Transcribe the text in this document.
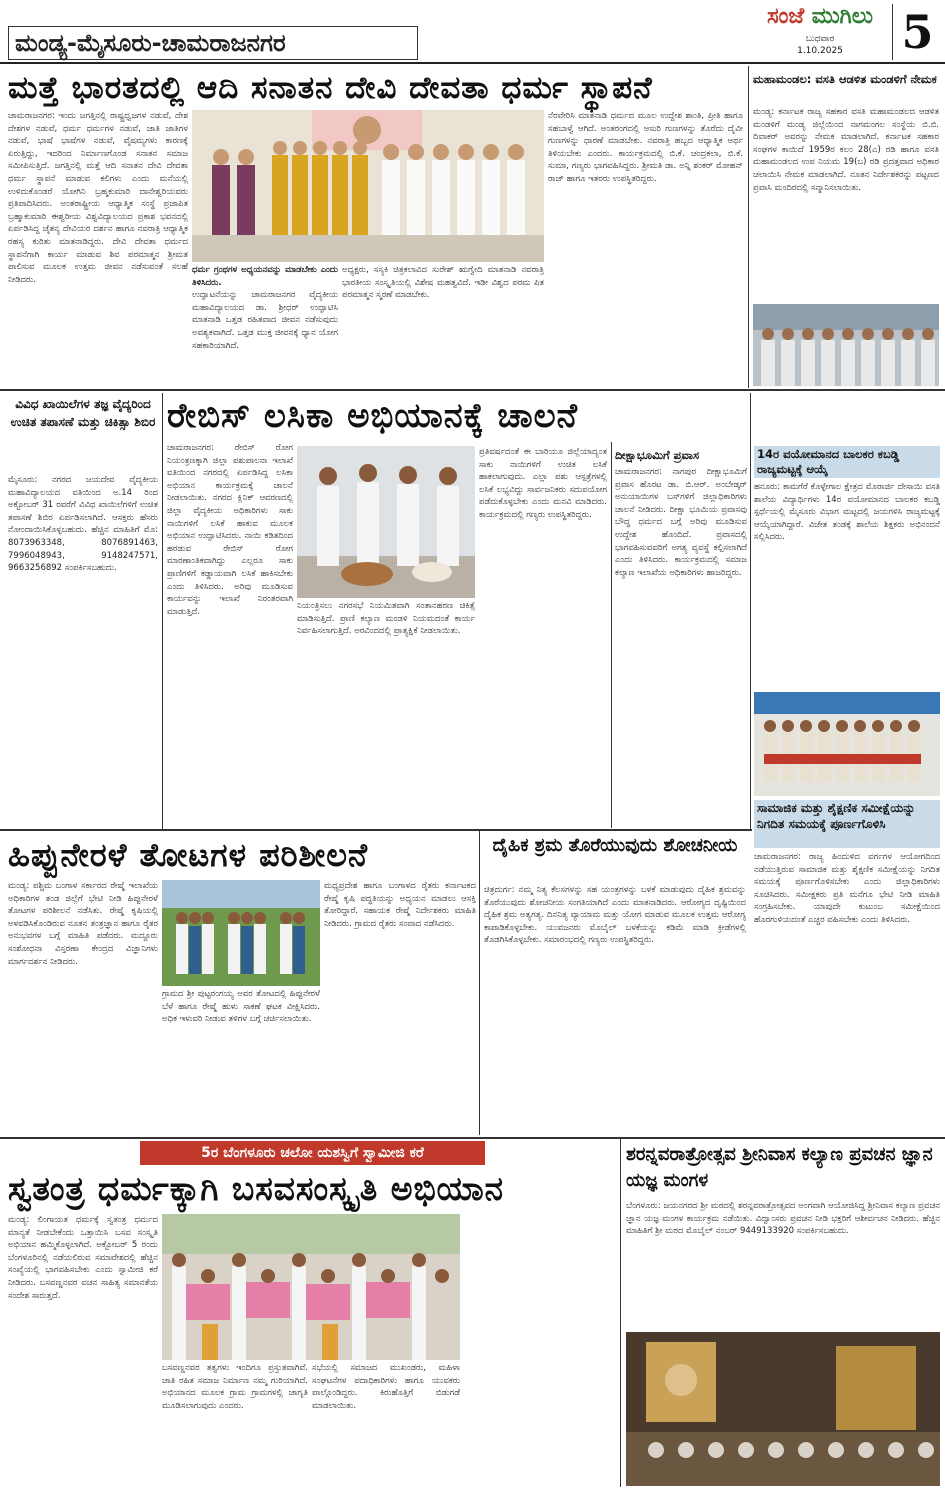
ಮಂಡ್ಯ-ಮೈಸೂರು-ಚಾಮರಾಜನಗರ
ಸಂಜೆ ಮುಗಿಲು
ಬುಧವಾರ
1.10.2025	5
ಮತ್ತೆ ಭಾರತದಲ್ಲಿ ಆದಿ ಸನಾತನ ದೇವಿ ದೇವತಾ ಧರ್ಮ ಸ್ಥಾಪನೆ
ಚಾಮರಾಜನಗರ: ಇಂದು ಜಗತ್ತಿನಲ್ಲಿ ರಾಷ್ಟ್ರಧ್ವಜಗಳ ನಡುವೆ, ದೇಶ ದೇಶಗಳ ನಡುವೆ, ಧರ್ಮ ಧರ್ಮಗಳ ನಡುವೆ, ಜಾತಿ ಜಾತಿಗಳ ನಡುವೆ, ಭಾಷೆ ಭಾಷೆಗಳ ನಡುವೆ, ವೈಷಮ್ಯಗಳು ಕಾರಣಕ್ಕೆ ಏರುತ್ತಿದ್ದು, ಇದರಿಂದ ನಿರ್ಮಾಣಗೊಂಡ ಸನಾತನ ಸಮಾಜ ಸಮೀಪಿಸುತ್ತಿದೆ. ಜಗತ್ತಿನಲ್ಲಿ ಮತ್ತೆ ಆದಿ ಸನಾತನ ದೇವಿ ದೇವತಾ ಧರ್ಮ ಸ್ಥಾಪನೆ ಮಾಡುವ ಕಲಿಗಳು ಎಂದು ಮನೆಯಲ್ಲಿ ಉಳಿದುಕೊಂಡರೆ ಯೋಗಿನಿ ಬ್ರಹ್ಮಕುಮಾರಿ ದಾನೇಶ್ವರಿಯವರು ಪ್ರತಿಪಾದಿಸಿದರು. ಅಂತರಾಷ್ಟ್ರೀಯ ಆಧ್ಯಾತ್ಮಿಕ ಸಂಸ್ಥೆ ಪ್ರಜಾಪಿತ ಬ್ರಹ್ಮಾಕುಮಾರಿ ಈಶ್ವರೀಯ ವಿಶ್ವವಿದ್ಯಾಲಯದ ಪ್ರಕಾಶ ಭವನದಲ್ಲಿ ಏರ್ಪಡಿಸಿದ್ದ ಚೈತನ್ಯ ದೇವಿಯರ ದರ್ಶನ ಹಾಗೂ ನವರಾತ್ರಿ ಆಧ್ಯಾತ್ಮಿಕ ರಹಸ್ಯ ಕುರಿತು ಮಾತನಾಡಿದ್ದರು. ದೇವಿ ದೇವತಾ ಧರ್ಮದ ಸ್ಥಾಪನೆಗಾಗಿ ಕಾರ್ಯ ಮಾಡುವ ಶಿವ ಪರಮಾತ್ಮನ ಶ್ರೀಮತ ಪಾಲಿಸುವ ಮೂಲಕ ಉತ್ತಮ ಜೀವನ ನಡೆಸುವಂತೆ ಸಲಹೆ ನೀಡಿದರು.
ಧರ್ಮ ಗ್ರಂಥಗಳ ಅಧ್ಯಯನವನ್ನು ಮಾಡಬೇಕು ಎಂದು ತಿಳಿಸಿದರು.
ಉದ್ಘಾಟನೆಯನ್ನು ಚಾಮರಾಜನಗರ ವೈದ್ಯಕೀಯ ಮಹಾವಿದ್ಯಾಲಯದ ಡಾ. ಶ್ರೀಧರ್ ಉದ್ಘಾಟಿಸಿ ಮಾತನಾಡಿ ಒತ್ತಡ ರಹಿತವಾದ ಜೀವನ ನಡೆಸುವುದು ಅವಶ್ಯಕವಾಗಿದೆ. ಒತ್ತಡ ಮುಕ್ತ ಜೀವನಕ್ಕೆ ಧ್ಯಾನ ಯೋಗ ಸಹಕಾರಿಯಾಗಿದೆ.
ಅಧ್ಯಕ್ಷರು, ಸಸ್ಯಕಿ ಚಿತ್ರಕಲಾವಿದ ಸುರೇಶ್ ಋಗ್ವೇದಿ ಮಾತನಾಡಿ ನವರಾತ್ರಿ ಭಾರತೀಯ ಸಂಸ್ಕೃತಿಯಲ್ಲಿ ವಿಶೇಷ ಮಹತ್ವವಿದೆ. ಇಡೀ ವಿಶ್ವದ ಪರಮ ಪಿತ ಪರಮಾತ್ಮನ ಸ್ಮರಣೆ ಮಾಡಬೇಕು.
ನೆರವೇರಿಸಿ ಮಾತನಾಡಿ ಧರ್ಮದ ಮೂಲ ಉದ್ದೇಶ ಶಾಂತಿ, ಪ್ರೀತಿ ಹಾಗೂ ಸಹಬಾಳ್ವೆ ಆಗಿದೆ. ಅಂತರಂಗದಲ್ಲಿ ಆಸುರಿ ಗುಣಗಳನ್ನು ತೊರೆದು ದೈವೀ ಗುಣಗಳನ್ನು ಧಾರಣೆ ಮಾಡಬೇಕು. ನವರಾತ್ರಿ ಹಬ್ಬದ ಆಧ್ಯಾತ್ಮಿಕ ಅರ್ಥ ತಿಳಿಯಬೇಕು ಎಂದರು. ಕಾರ್ಯಕ್ರಮದಲ್ಲಿ ಬಿ.ಕೆ. ಚಂದ್ರಕಲಾ, ಬಿ.ಕೆ. ಸುಮಾ, ಗಣ್ಯರು ಭಾಗವಹಿಸಿದ್ದರು. ಶ್ರೀಮತಿ ಡಾ. ಅನ್ನಿ ಶಂಕರ್ ಮೋಹನ್ ರಾಜ್ ಹಾಗೂ ಇತರರು ಉಪಸ್ಥಿತರಿದ್ದರು.
ಮಹಾಮಂಡಲ: ವಸತಿ ಆಡಳಿತ ಮಂಡಳಿಗೆ ನೇಮಕ
ಮಂಡ್ಯ: ಕರ್ನಾಟಕ ರಾಜ್ಯ ಸಹಕಾರ ವಸತಿ ಮಹಾಮಂಡಲದ ಆಡಳಿತ ಮಂಡಳಿಗೆ ಮಂಡ್ಯ ಜಿಲ್ಲೆಯಿಂದ ನಾಗಮಂಗಲ ಸಂಸ್ಥೆಯ ಬಿ.ಬಿ. ದಿವಾಕರ್ ಅವರನ್ನು ನೇಮಕ ಮಾಡಲಾಗಿದೆ. ಕರ್ನಾಟಕ ಸಹಕಾರ ಸಂಘಗಳ ಕಾಯಿದೆ 1959ರ ಕಲಂ 28(ಎ) ರಡಿ ಹಾಗೂ ವಸತಿ ಮಹಾಮಂಡಲದ ಉಪ ನಿಯಮ 19(ಬ) ರಡಿ ಪ್ರದತ್ತವಾದ ಅಧಿಕಾರ ಚಲಾಯಿಸಿ ನೇಮಕ ಮಾಡಲಾಗಿದೆ. ನೂತನ ನಿರ್ದೇಶಕರನ್ನು ಪಟ್ಟಣದ ಪ್ರವಾಸಿ ಮಂದಿರದಲ್ಲಿ ಸನ್ಮಾನಿಸಲಾಯಿತು.
ವಿವಿಧ ಖಾಯಿಲೆಗಳ ತಜ್ಞ ವೈದ್ಯರಿಂದ ಉಚಿತ ತಪಾಸಣೆ ಮತ್ತು ಚಿಕಿತ್ಸಾ ಶಿಬಿರ
ಮೈಸೂರು: ನಗರದ ಜಯದೇವ ವೈದ್ಯಕೀಯ ಮಹಾವಿದ್ಯಾಲಯದ ವತಿಯಿಂದ ಅ.14 ರಿಂದ ಅಕ್ಟೋಬರ್ 31 ರವರೆಗೆ ವಿವಿಧ ಖಾಯಿಲೆಗಳಿಗೆ ಉಚಿತ ತಪಾಸಣೆ ಶಿಬಿರ ಏರ್ಪಡಿಸಲಾಗಿದೆ. ಆಸಕ್ತರು ಹೆಸರು ನೋಂದಾಯಿಸಿಕೊಳ್ಳಬಹುದು. ಹೆಚ್ಚಿನ ಮಾಹಿತಿಗೆ ಮೊ: 8073963348, 8076891463, 7996048943, 9148247571, 9663256892 ಸಂಪರ್ಕಿಸಬಹುದು.
ರೇಬಿಸ್ ಲಸಿಕಾ ಅಭಿಯಾನಕ್ಕೆ ಚಾಲನೆ
ಚಾಮರಾಜನಗರ: ರೇಬಿಸ್ ರೋಗ ನಿಯಂತ್ರಣಕ್ಕಾಗಿ ಜಿಲ್ಲಾ ಪಶುಪಾಲನಾ ಇಲಾಖೆ ವತಿಯಿಂದ ನಗರದಲ್ಲಿ ಏರ್ಪಡಿಸಿದ್ದ ಲಸಿಕಾ ಅಭಿಯಾನ ಕಾರ್ಯಕ್ರಮಕ್ಕೆ ಚಾಲನೆ ನೀಡಲಾಯಿತು. ನಗರದ ಕ್ಲಿನಿಕ್ ಆವರಣದಲ್ಲಿ ಜಿಲ್ಲಾ ವೈದ್ಯಕೀಯ ಅಧಿಕಾರಿಗಳು ಸಾಕು ನಾಯಿಗಳಿಗೆ ಲಸಿಕೆ ಹಾಕುವ ಮೂಲಕ ಅಭಿಯಾನ ಉದ್ಘಾಟಿಸಿದರು. ನಾಯಿ ಕಡಿತದಿಂದ ಹರಡುವ ರೇಬಿಸ್ ರೋಗ ಮಾರಣಾಂತಿಕವಾಗಿದ್ದು ಎಲ್ಲರೂ ಸಾಕು ಪ್ರಾಣಿಗಳಿಗೆ ಕಡ್ಡಾಯವಾಗಿ ಲಸಿಕೆ ಹಾಕಿಸಬೇಕು ಎಂದು ತಿಳಿಸಿದರು. ಅರಿವು ಮೂಡಿಸುವ ಕಾರ್ಯವನ್ನು ಇಲಾಖೆ ನಿರಂತರವಾಗಿ ಮಾಡುತ್ತಿದೆ.
ನಿಯಂತ್ರಿಸಲು ನಗರಸಭೆ ನಿಯಮಿತವಾಗಿ ಸಂತಾನಹರಣ ಚಿಕಿತ್ಸೆ ಮಾಡಿಸುತ್ತಿದೆ. ಪ್ರಾಣಿ ಕಲ್ಯಾಣ ಮಂಡಳಿ ನಿಯಮದಂತೆ ಕಾರ್ಯ ನಿರ್ವಹಿಸಲಾಗುತ್ತಿದೆ. ಅರವಿಂದದಲ್ಲಿ ಪ್ರಾತ್ಯಕ್ಷಿಕೆ ನೀಡಲಾಯಿತು.
ಪ್ರತಿವರ್ಷದಂತೆ ಈ ಬಾರಿಯೂ ಜಿಲ್ಲೆಯಾದ್ಯಂತ ಸಾಕು ನಾಯಿಗಳಿಗೆ ಉಚಿತ ಲಸಿಕೆ ಹಾಕಲಾಗುವುದು. ಎಲ್ಲಾ ಪಶು ಆಸ್ಪತ್ರೆಗಳಲ್ಲಿ ಲಸಿಕೆ ಲಭ್ಯವಿದ್ದು ಸಾರ್ವಜನಿಕರು ಸದುಪಯೋಗ ಪಡೆದುಕೊಳ್ಳಬೇಕು ಎಂದು ಮನವಿ ಮಾಡಿದರು. ಕಾರ್ಯಕ್ರಮದಲ್ಲಿ ಗಣ್ಯರು ಉಪಸ್ಥಿತರಿದ್ದರು.
ದೀಕ್ಷಾಭೂಮಿಗೆ ಪ್ರವಾಸ
ಚಾಮರಾಜನಗರ: ನಾಗಪುರ ದೀಕ್ಷಾಭೂಮಿಗೆ ಪ್ರವಾಸ ಹೊರಟ ಡಾ. ಬಿ.ಆರ್. ಅಂಬೇಡ್ಕರ್ ಅನುಯಾಯಿಗಳ ಬಸ್‌ಗಳಿಗೆ ಜಿಲ್ಲಾಧಿಕಾರಿಗಳು ಚಾಲನೆ ನೀಡಿದರು. ದೀಕ್ಷಾ ಭೂಮಿಯ ಪ್ರವಾಸವು ಬೌದ್ಧ ಧರ್ಮದ ಬಗ್ಗೆ ಅರಿವು ಮೂಡಿಸುವ ಉದ್ದೇಶ ಹೊಂದಿದೆ. ಪ್ರವಾಸದಲ್ಲಿ ಭಾಗವಹಿಸುವವರಿಗೆ ಅಗತ್ಯ ವ್ಯವಸ್ಥೆ ಕಲ್ಪಿಸಲಾಗಿದೆ ಎಂದು ತಿಳಿಸಿದರು. ಕಾರ್ಯಕ್ರಮದಲ್ಲಿ ಸಮಾಜ ಕಲ್ಯಾಣ ಇಲಾಖೆಯ ಅಧಿಕಾರಿಗಳು ಹಾಜರಿದ್ದರು.
14ರ ವಯೋಮಾನದ ಬಾಲಕರ ಕಬಡ್ಡಿ ರಾಜ್ಯಮಟ್ಟಕ್ಕೆ ಆಯ್ಕೆ
ಹನೂರು: ಕಾಮಗೆರೆ ಕೊಳ್ಳೇಗಾಲ ಕ್ಷೇತ್ರದ ಮೊರಾರ್ಜಿ ದೇಸಾಯಿ ವಸತಿ ಶಾಲೆಯ ವಿದ್ಯಾರ್ಥಿಗಳು 14ರ ವಯೋಮಾನದ ಬಾಲಕರ ಕಬಡ್ಡಿ ಸ್ಪರ್ಧೆಯಲ್ಲಿ ಮೈಸೂರು ವಿಭಾಗ ಮಟ್ಟದಲ್ಲಿ ಜಯಗಳಿಸಿ ರಾಜ್ಯಮಟ್ಟಕ್ಕೆ ಆಯ್ಕೆಯಾಗಿದ್ದಾರೆ. ವಿಜೇತ ತಂಡಕ್ಕೆ ಶಾಲೆಯ ಶಿಕ್ಷಕರು ಅಭಿನಂದನೆ ಸಲ್ಲಿಸಿದರು.
ಸಾಮಾಜಿಕ ಮತ್ತು ಶೈಕ್ಷಣಿಕ ಸಮೀಕ್ಷೆಯನ್ನು ನಿಗದಿತ ಸಮಯಕ್ಕೆ ಪೂರ್ಣಗೊಳಿಸಿ
ಚಾಮರಾಜನಗರ: ರಾಜ್ಯ ಹಿಂದುಳಿದ ವರ್ಗಗಳ ಆಯೋಗದಿಂದ ನಡೆಯುತ್ತಿರುವ ಸಾಮಾಜಿಕ ಮತ್ತು ಶೈಕ್ಷಣಿಕ ಸಮೀಕ್ಷೆಯನ್ನು ನಿಗದಿತ ಸಮಯಕ್ಕೆ ಪೂರ್ಣಗೊಳಿಸಬೇಕು ಎಂದು ಜಿಲ್ಲಾಧಿಕಾರಿಗಳು ಸೂಚಿಸಿದರು. ಸಮೀಕ್ಷಕರು ಪ್ರತಿ ಮನೆಗೂ ಭೇಟಿ ನೀಡಿ ಮಾಹಿತಿ ಸಂಗ್ರಹಿಸಬೇಕು. ಯಾವುದೇ ಕುಟುಂಬ ಸಮೀಕ್ಷೆಯಿಂದ ಹೊರಗುಳಿಯದಂತೆ ಎಚ್ಚರ ವಹಿಸಬೇಕು ಎಂದು ತಿಳಿಸಿದರು.
ಹಿಪ್ಪುನೇರಳೆ ತೋಟಗಳ ಪರಿಶೀಲನೆ
ಮಂಡ್ಯ: ಪಶ್ಚಿಮ ಬಂಗಾಳ ಸರ್ಕಾರದ ರೇಷ್ಮೆ ಇಲಾಖೆಯ ಅಧಿಕಾರಿಗಳ ತಂಡ ಜಿಲ್ಲೆಗೆ ಭೇಟಿ ನೀಡಿ ಹಿಪ್ಪುನೇರಳೆ ತೋಟಗಳ ಪರಿಶೀಲನೆ ನಡೆಸಿತು. ರೇಷ್ಮೆ ಕೃಷಿಯಲ್ಲಿ ಅಳವಡಿಸಿಕೊಂಡಿರುವ ನೂತನ ತಂತ್ರಜ್ಞಾನ ಹಾಗೂ ರೈತರ ಅನುಭವಗಳ ಬಗ್ಗೆ ಮಾಹಿತಿ ಪಡೆದರು. ಮದ್ದೂರು ಸಂಶೋಧನಾ ವಿಸ್ತರಣಾ ಕೇಂದ್ರದ ವಿಜ್ಞಾನಿಗಳು ಮಾರ್ಗದರ್ಶನ ನೀಡಿದರು.
ಗ್ರಾಮದ ಶ್ರೀ ಪುಟ್ಟರಂಗಯ್ಯ ಅವರ ತೋಟದಲ್ಲಿ ಹಿಪ್ಪುನೇರಳೆ ಬೆಳೆ ಹಾಗೂ ರೇಷ್ಮೆ ಹುಳು ಸಾಕಣೆ ಘಟಕ ವೀಕ್ಷಿಸಿದರು. ಅಧಿಕ ಇಳುವರಿ ನೀಡುವ ತಳಿಗಳ ಬಗ್ಗೆ ಚರ್ಚಿಸಲಾಯಿತು.
ಮಧ್ಯಪ್ರದೇಶ ಹಾಗೂ ಬಂಗಾಳದ ರೈತರು ಕರ್ನಾಟಕದ ರೇಷ್ಮೆ ಕೃಷಿ ಪದ್ಧತಿಯನ್ನು ಅಧ್ಯಯನ ಮಾಡಲು ಆಸಕ್ತಿ ತೋರಿದ್ದಾರೆ. ಸಹಾಯಕ ರೇಷ್ಮೆ ನಿರ್ದೇಶಕರು ಮಾಹಿತಿ ನೀಡಿದರು. ಗ್ರಾಮದ ರೈತರು ಸಂವಾದ ನಡೆಸಿದರು.
ದೈಹಿಕ ಶ್ರಮ ತೊರೆಯುವುದು ಶೋಚನೀಯ
ಚಿತ್ರದುರ್ಗ: ನಮ್ಮ ನಿತ್ಯ ಕೆಲಸಗಳನ್ನು ಸಹ ಯಂತ್ರಗಳನ್ನು ಬಳಕೆ ಮಾಡುವುದು ದೈಹಿಕ ಶ್ರಮವನ್ನು ತೊರೆಯುವುದು ಶೋಚನೀಯ ಸಂಗತಿಯಾಗಿದೆ ಎಂದು ಮಾತನಾಡಿದರು. ಆರೋಗ್ಯದ ದೃಷ್ಟಿಯಿಂದ ದೈಹಿಕ ಶ್ರಮ ಅತ್ಯಗತ್ಯ. ದಿನನಿತ್ಯ ವ್ಯಾಯಾಮ ಮತ್ತು ಯೋಗ ಮಾಡುವ ಮೂಲಕ ಉತ್ತಮ ಆರೋಗ್ಯ ಕಾಪಾಡಿಕೊಳ್ಳಬೇಕು. ಯುವಜನರು ಮೊಬೈಲ್ ಬಳಕೆಯನ್ನು ಕಡಿಮೆ ಮಾಡಿ ಕ್ರೀಡೆಗಳಲ್ಲಿ ತೊಡಗಿಸಿಕೊಳ್ಳಬೇಕು. ಸಮಾರಂಭದಲ್ಲಿ ಗಣ್ಯರು ಉಪಸ್ಥಿತರಿದ್ದರು.
5ರ ಬೆಂಗಳೂರು ಚಲೋ ಯಶಸ್ವಿಗೆ ಸ್ವಾಮೀಜಿ ಕರೆ
ಸ್ವತಂತ್ರ ಧರ್ಮಕ್ಕಾಗಿ ಬಸವಸಂಸ್ಕೃತಿ ಅಭಿಯಾನ
ಮಂಡ್ಯ: ಲಿಂಗಾಯತ ಧರ್ಮಕ್ಕೆ ಸ್ವತಂತ್ರ ಧರ್ಮದ ಮಾನ್ಯತೆ ನೀಡಬೇಕೆಂದು ಒತ್ತಾಯಿಸಿ ಬಸವ ಸಂಸ್ಕೃತಿ ಅಭಿಯಾನ ಹಮ್ಮಿಕೊಳ್ಳಲಾಗಿದೆ. ಅಕ್ಟೋಬರ್ 5 ರಂದು ಬೆಂಗಳೂರಿನಲ್ಲಿ ನಡೆಯಲಿರುವ ಸಮಾವೇಶದಲ್ಲಿ ಹೆಚ್ಚಿನ ಸಂಖ್ಯೆಯಲ್ಲಿ ಭಾಗವಹಿಸಬೇಕು ಎಂದು ಸ್ವಾಮೀಜಿ ಕರೆ ನೀಡಿದರು. ಬಸವಣ್ಣನವರ ವಚನ ಸಾಹಿತ್ಯ ಸಮಾನತೆಯ ಸಂದೇಶ ಸಾರುತ್ತದೆ.
ಬಸವಣ್ಣನವರ ತತ್ವಗಳು ಇಂದಿಗೂ ಪ್ರಸ್ತುತವಾಗಿವೆ. ಜಾತಿ ರಹಿತ ಸಮಾಜ ನಿರ್ಮಾಣ ನಮ್ಮ ಗುರಿಯಾಗಿದೆ. ಅಭಿಯಾನದ ಮೂಲಕ ಗ್ರಾಮ ಗ್ರಾಮಗಳಲ್ಲಿ ಜಾಗೃತಿ ಮೂಡಿಸಲಾಗುವುದು ಎಂದರು.
ಸಭೆಯಲ್ಲಿ ಸಮಾಜದ ಮುಖಂಡರು, ಮಹಿಳಾ ಸಂಘಟನೆಗಳ ಪದಾಧಿಕಾರಿಗಳು ಹಾಗೂ ಯುವಕರು ಪಾಲ್ಗೊಂಡಿದ್ದರು. ಕಿರುಹೊತ್ತಿಗೆ ಬಿಡುಗಡೆ ಮಾಡಲಾಯಿತು.
ಶರನ್ನವರಾತ್ರೋತ್ಸವ ಶ್ರೀನಿವಾಸ ಕಲ್ಯಾಣ ಪ್ರವಚನ ಜ್ಞಾನ ಯಜ್ಞ ಮಂಗಳ
ಬೆಂಗಳೂರು: ಜಯನಗರದ ಶ್ರೀ ಮಠದಲ್ಲಿ ಶರನ್ನವರಾತ್ರೋತ್ಸವದ ಅಂಗವಾಗಿ ಆಯೋಜಿಸಿದ್ದ ಶ್ರೀನಿವಾಸ ಕಲ್ಯಾಣ ಪ್ರವಚನ ಜ್ಞಾನ ಯಜ್ಞ ಮಂಗಳ ಕಾರ್ಯಕ್ರಮ ನಡೆಯಿತು. ವಿದ್ವಾಂಸರು ಪ್ರವಚನ ನೀಡಿ ಭಕ್ತರಿಗೆ ಆಶೀರ್ವಚನ ನೀಡಿದರು. ಹೆಚ್ಚಿನ ಮಾಹಿತಿಗೆ ಶ್ರೀ ಮಠದ ಮೊಬೈಲ್ ನಂಬರ್ 9449133920 ಸಂಪರ್ಕಿಸಬಹುದು.
